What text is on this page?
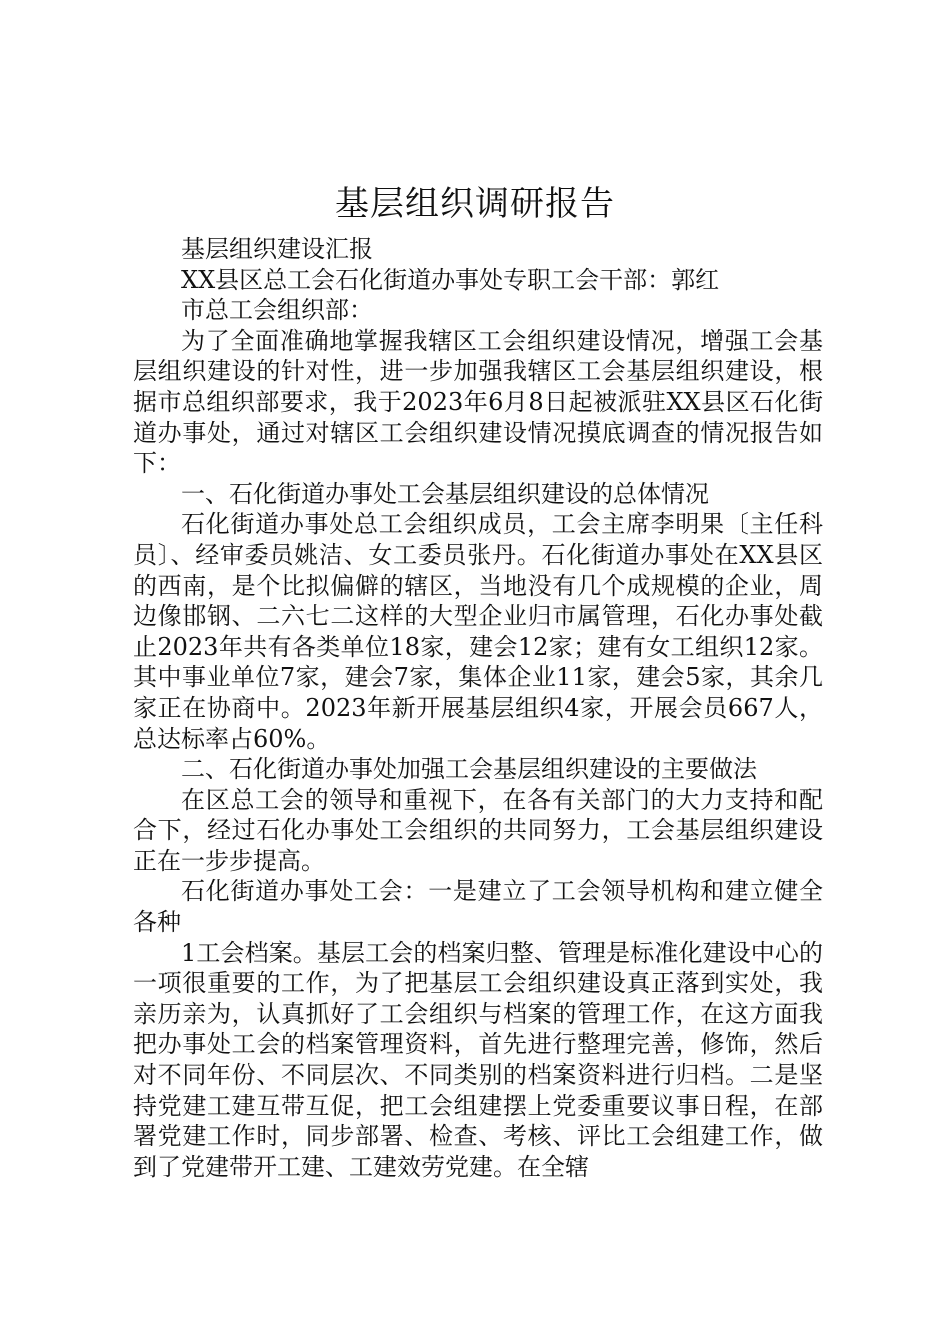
基层组织调研报告

基层组织建设汇报

XX县区总工会石化街道办事处专职工会干部：郭红

市总工会组织部：

为了全面准确地掌握我辖区工会组织建设情况，增强工会基层组织建设的针对性，进一步加强我辖区工会基层组织建设，根据市总组织部要求，我于2023年6月8日起被派驻XX县区石化街道办事处，通过对辖区工会组织建设情况摸底调查的情况报告如下：

一、石化街道办事处工会基层组织建设的总体情况

石化街道办事处总工会组织成员，工会主席李明果〔主任科员〕、经审委员姚洁、女工委员张丹。石化街道办事处在XX县区的西南，是个比拟偏僻的辖区，当地没有几个成规模的企业，周边像邯钢、二六七二这样的大型企业归市属管理，石化办事处截止2023年共有各类单位18家，建会12家；建有女工组织12家。其中事业单位7家，建会7家，集体企业11家，建会5家，其余几家正在协商中。2023年新开展基层组织4家，开展会员667人，总达标率占60%。

二、石化街道办事处加强工会基层组织建设的主要做法

在区总工会的领导和重视下，在各有关部门的大力支持和配合下，经过石化办事处工会组织的共同努力，工会基层组织建设正在一步步提高。

石化街道办事处工会：一是建立了工会领导机构和建立健全各种

1工会档案。基层工会的档案归整、管理是标准化建设中心的一项很重要的工作，为了把基层工会组织建设真正落到实处，我亲历亲为，认真抓好了工会组织与档案的管理工作，在这方面我把办事处工会的档案管理资料，首先进行整理完善，修饰，然后对不同年份、不同层次、不同类别的档案资料进行归档。二是坚持党建工建互带互促，把工会组建摆上党委重要议事日程，在部署党建工作时，同步部署、检查、考核、评比工会组建工作，做到了党建带开工建、工建效劳党建。在全辖
